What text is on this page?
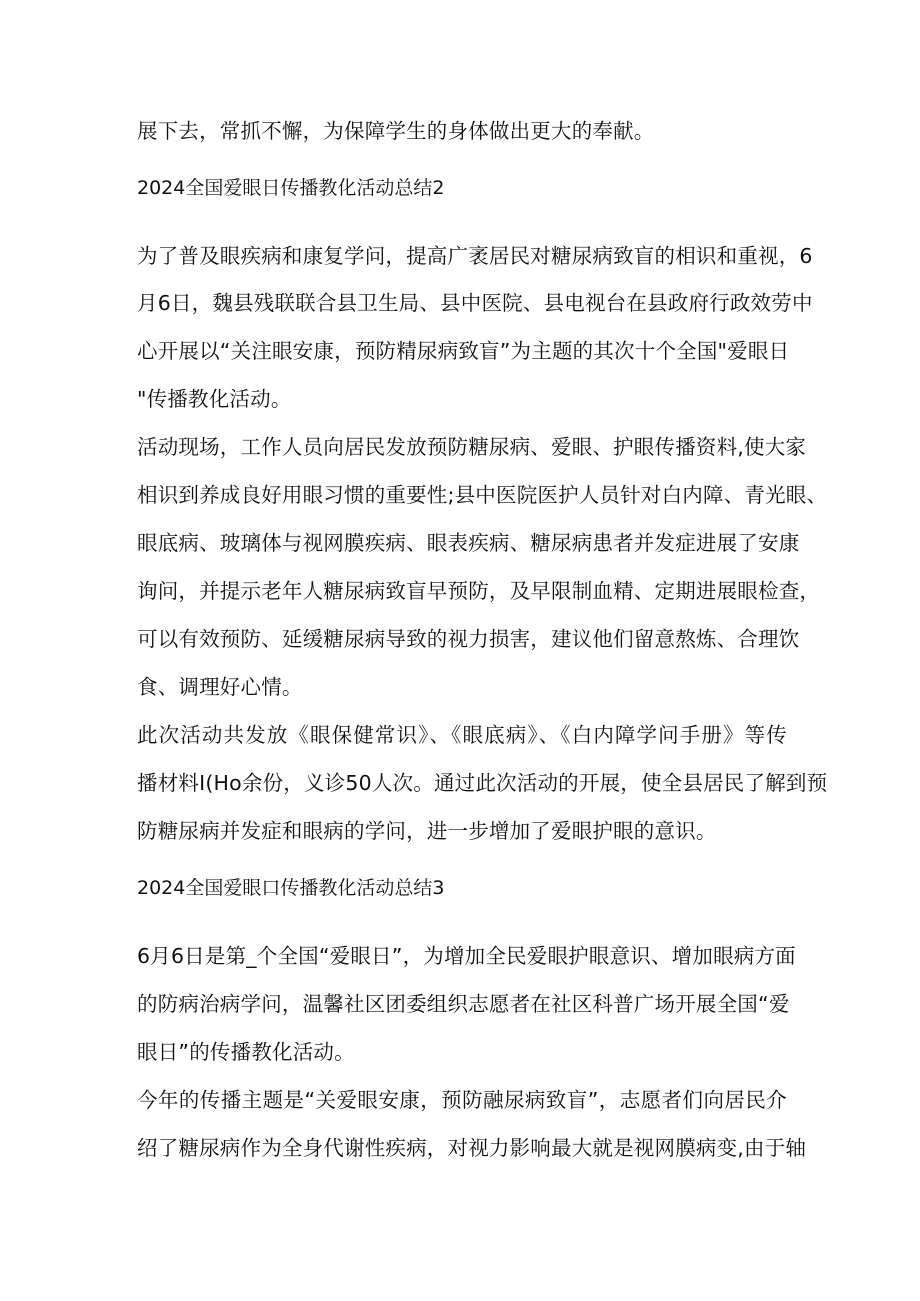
展下去，常抓不懈，为保障学生的身体做出更大的奉献。
2024全国爱眼日传播教化活动总结2
为了普及眼疾病和康复学问，提高广袤居民对糖尿病致盲的相识和重视，6
月6日，魏县残联联合县卫生局、县中医院、县电视台在县政府行政效劳中
心开展以“关注眼安康，预防精尿病致盲”为主题的其次十个全国"爱眼日
"传播教化活动。
活动现场，工作人员向居民发放预防糖尿病、爱眼、护眼传播资料,使大家
相识到养成良好用眼习惯的重要性;县中医院医护人员针对白内障、青光眼、
眼底病、玻璃体与视网膜疾病、眼表疾病、糖尿病患者并发症进展了安康
询问，并提示老年人糖尿病致盲早预防，及早限制血精、定期进展眼检查，
可以有效预防、延缓糖尿病导致的视力损害，建议他们留意熬炼、合理饮
食、调理好心情。
此次活动共发放《眼保健常识》、《眼底病》、《白内障学问手册》等传
播材料I(Ho余份，义诊50人次。通过此次活动的开展，使全县居民了解到预
防糖尿病并发症和眼病的学问，进一步增加了爱眼护眼的意识。
2024全国爱眼口传播教化活动总结3
6月6日是第_个全国“爱眼日”，为增加全民爱眼护眼意识、增加眼病方面
的防病治病学问，温馨社区团委组织志愿者在社区科普广场开展全国“爱
眼日”的传播教化活动。
今年的传播主题是“关爱眼安康，预防融尿病致盲”，志愿者们向居民介
绍了糖尿病作为全身代谢性疾病，对视力影响最大就是视网膜病变,由于轴
